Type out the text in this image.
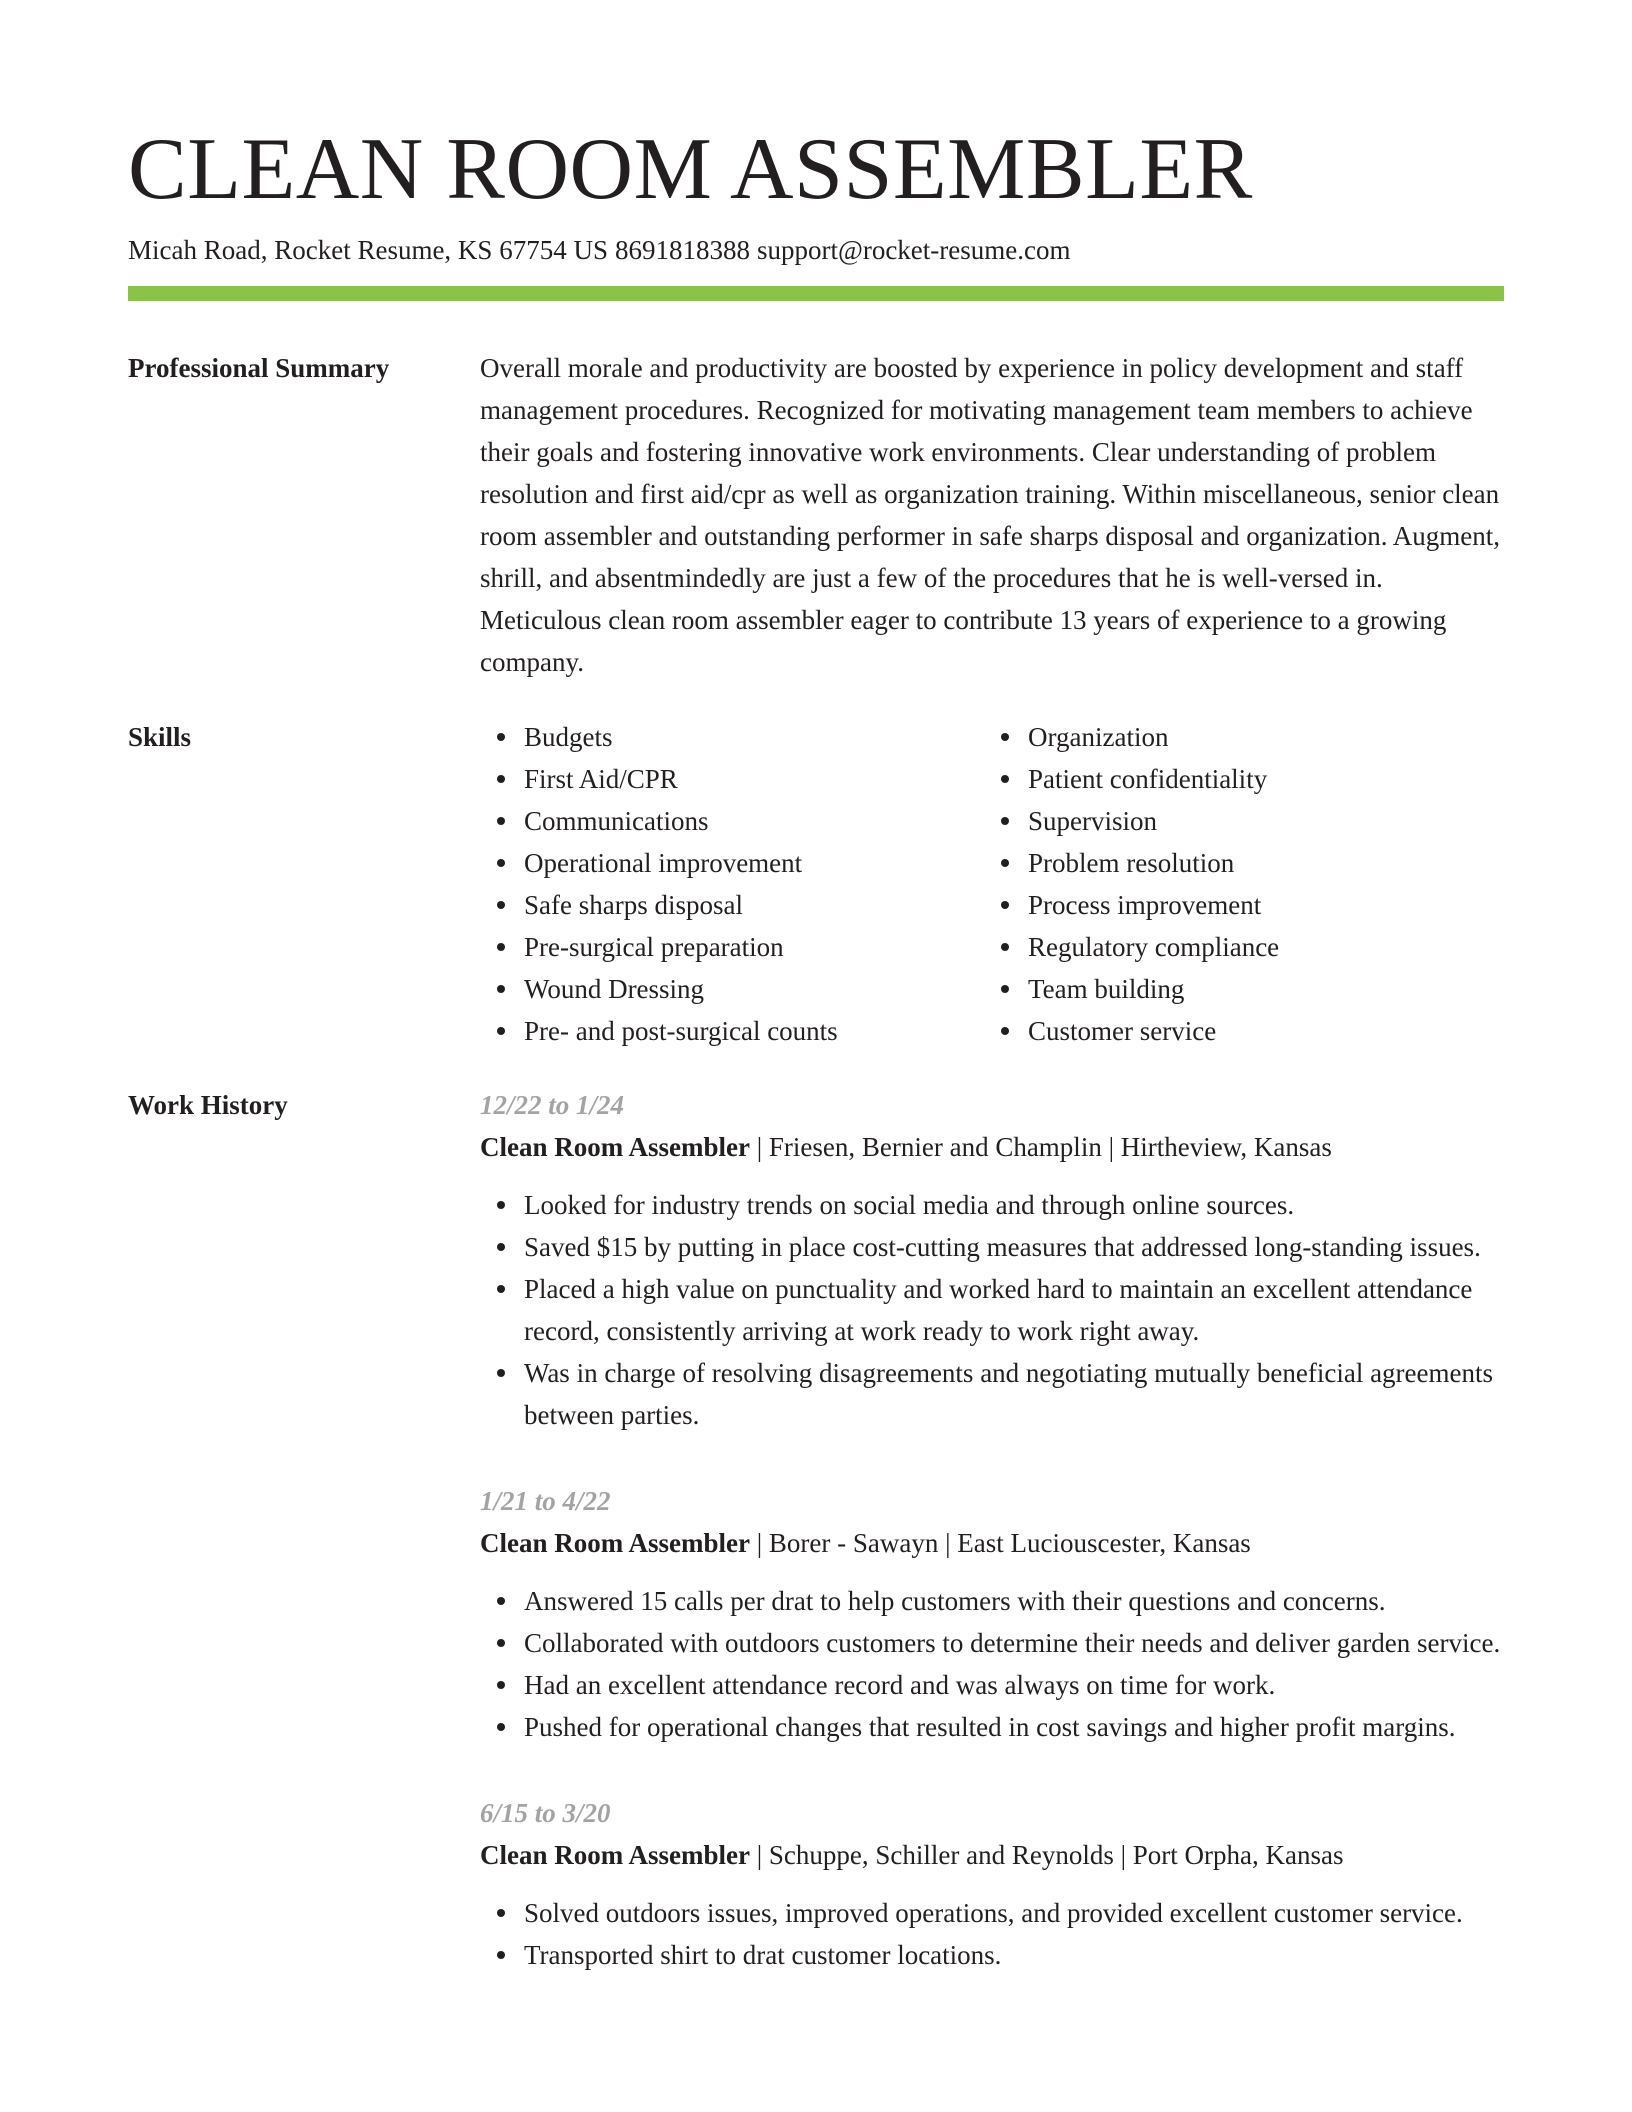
CLEAN ROOM ASSEMBLER
Micah Road, Rocket Resume, KS 67754 US 8691818388 support@rocket-resume.com
Professional Summary	Overall morale and productivity are boosted by experience in policy development and staff management procedures. Recognized for motivating management team members to achieve their goals and fostering innovative work environments. Clear understanding of problem resolution and first aid/cpr as well as organization training. Within miscellaneous, senior clean room assembler and outstanding performer in safe sharps disposal and organization. Augment, shrill, and absentmindedly are just a few of the procedures that he is well-versed in. Meticulous clean room assembler eager to contribute 13 years of experience to a growing company.

Skills	Budgets
First Aid/CPR
Communications
Operational improvement
Safe sharps disposal
Pre-surgical preparation
Wound Dressing
Pre- and post-surgical counts
Organization
Patient confidentiality
Supervision
Problem resolution
Process improvement
Regulatory compliance
Team building
Customer service
Work History	12/22 to 1/24
Clean Room Assembler | Friesen, Bernier and Champlin | Hirtheview, Kansas
Looked for industry trends on social media and through online sources.
Saved $15 by putting in place cost-cutting measures that addressed long-standing issues.
Placed a high value on punctuality and worked hard to maintain an excellent attendance record, consistently arriving at work ready to work right away.
Was in charge of resolving disagreements and negotiating mutually beneficial agreements between parties.
1/21 to 4/22
Clean Room Assembler | Borer - Sawayn | East Luciouscester, Kansas
Answered 15 calls per drat to help customers with their questions and concerns.
Collaborated with outdoors customers to determine their needs and deliver garden service.
Had an excellent attendance record and was always on time for work.
Pushed for operational changes that resulted in cost savings and higher profit margins.
6/15 to 3/20
Clean Room Assembler | Schuppe, Schiller and Reynolds | Port Orpha, Kansas
Solved outdoors issues, improved operations, and provided excellent customer service.
Transported shirt to drat customer locations.
